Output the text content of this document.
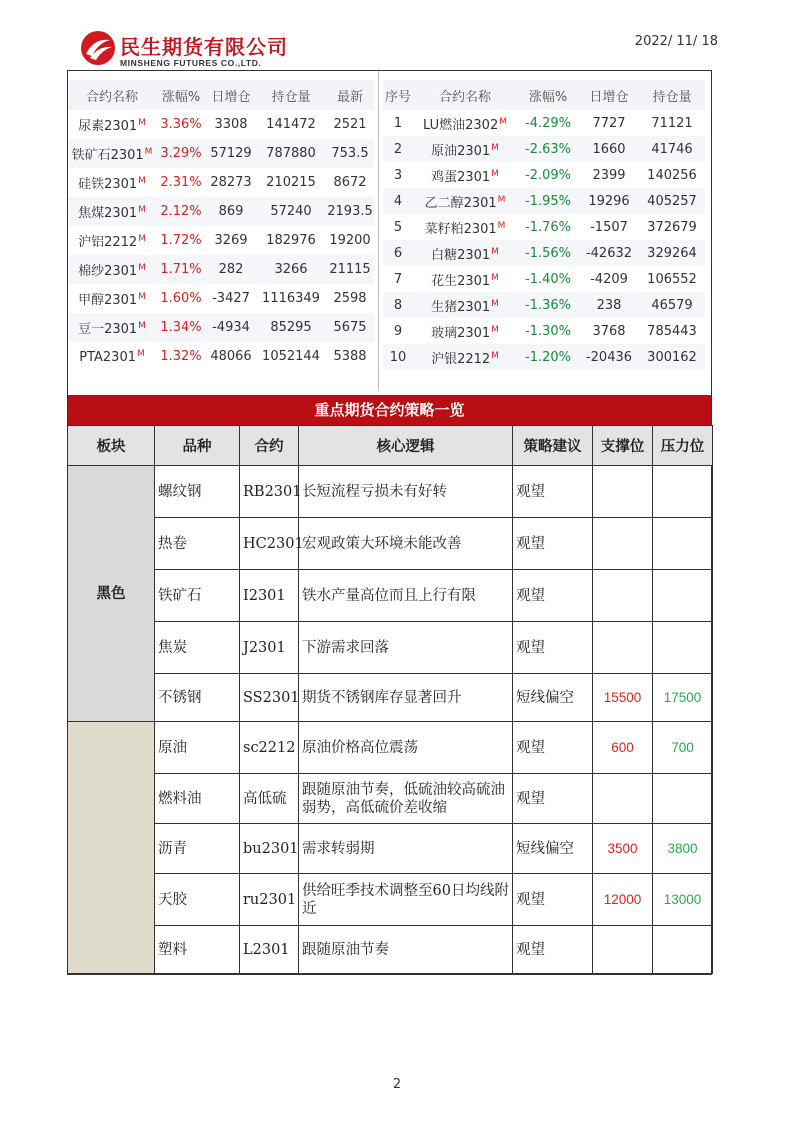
民生期货有限公司
MINSHENG FUTURES CO.,LTD.
2022/ 11/ 18
合约名称	涨幅%	日增仓	持仓量	最新
尿素$2301^M$	3.36%	3308	141472	2521
铁矿石$2301^M$	3.29%	57129	787880	753.5
硅铁$2301^M$	2.31%	28273	210215	8672
焦煤$2301^M$	2.12%	869	57240	2193.5
沪铝$2212^M$	1.72%	3269	182976	19200
棉纱$2301^M$	1.71%	282	3266	21115
甲醇$2301^M$	1.60%	-3427	1116349	2598
豆一$2301^M$	1.34%	-4934	85295	5675
$PTA2301^M$	1.32%	48066	1052144	5388
序号	合约名称	涨幅%	日增仓	持仓量
1	LU燃油$2302^M$	-4.29%	7727	71121
2	原油$2301^M$	-2.63%	1660	41746
3	鸡蛋$2301^M$	-2.09%	2399	140256
4	乙二醇$2301^M$	-1.95%	19296	405257
5	菜籽粕$2301^M$	-1.76%	-1507	372679
6	白糖$2301^M$	-1.56%	-42632	329264
7	花生$2301^M$	-1.40%	-4209	106552
8	生猪$2301^M$	-1.36%	238	46579
9	玻璃$2301^M$	-1.30%	3768	785443
10	沪银$2212^M$	-1.20%	-20436	300162
重点期货合约策略一览
板块	品种	合约	核心逻辑	策略建议	支撑位	压力位
黑色	螺纹钢	RB2301	长短流程亏损未有好转	观望		
	热卷	HC2301	宏观政策大环境未能改善	观望		
	铁矿石	I2301	铁水产量高位而且上行有限	观望		
	焦炭	J2301	下游需求回落	观望		
	不锈钢	SS2301	期货不锈钢库存显著回升	短线偏空	15500	17500
	原油	sc2212	原油价格高位震荡	观望	600	700
	燃料油	高低硫	跟随原油节奏，低硫油较高硫油弱势，高低硫价差收缩	观望		
	沥青	bu2301	需求转弱期	短线偏空	3500	3800
	天胶	ru2301	供给旺季技术调整至60日均线附近	观望	12000	13000
	塑料	L2301	跟随原油节奏	观望		
2
